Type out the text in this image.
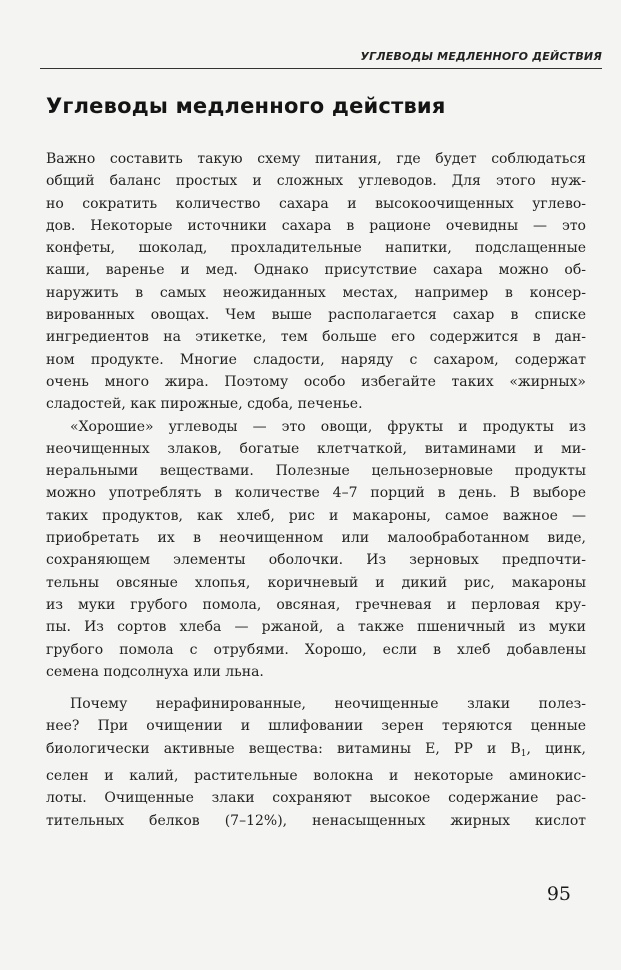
УГЛЕВОДЫ МЕДЛЕННОГО ДЕЙСТВИЯ
Углеводы медленного действия
Важно составить такую схему питания, где будет соблюдаться
общий баланс простых и сложных углеводов. Для этого нуж-
но сократить количество сахара и высокоочищенных углево-
дов. Некоторые источники сахара в рационе очевидны — это
конфеты, шоколад, прохладительные напитки, подслащенные
каши, варенье и мед. Однако присутствие сахара можно об-
наружить в самых неожиданных местах, например в консер-
вированных овощах. Чем выше располагается сахар в списке
ингредиентов на этикетке, тем больше его содержится в дан-
ном продукте. Многие сладости, наряду с сахаром, содержат
очень много жира. Поэтому особо избегайте таких «жирных»
сладостей, как пирожные, сдоба, печенье.
«Хорошие» углеводы — это овощи, фрукты и продукты из
неочищенных злаков, богатые клетчаткой, витаминами и ми-
неральными веществами. Полезные цельнозерновые продукты
можно употреблять в количестве 4–7 порций в день. В выборе
таких продуктов, как хлеб, рис и макароны, самое важное —
приобретать их в неочищенном или малообработанном виде,
сохраняющем элементы оболочки. Из зерновых предпочти-
тельны овсяные хлопья, коричневый и дикий рис, макароны
из муки грубого помола, овсяная, гречневая и перловая кру-
пы. Из сортов хлеба — ржаной, а также пшеничный из муки
грубого помола с отрубями. Хорошо, если в хлеб добавлены
семена подсолнуха или льна.
Почему нерафинированные, неочищенные злаки полез-
нее? При очищении и шлифовании зерен теряются ценные
биологически активные вещества: витамины Е, РР и $В_1$, цинк,
селен и калий, растительные волокна и некоторые аминокис-
лоты. Очищенные злаки сохраняют высокое содержание рас-
тительных белков (7–12%), ненасыщенных жирных кислот
95
